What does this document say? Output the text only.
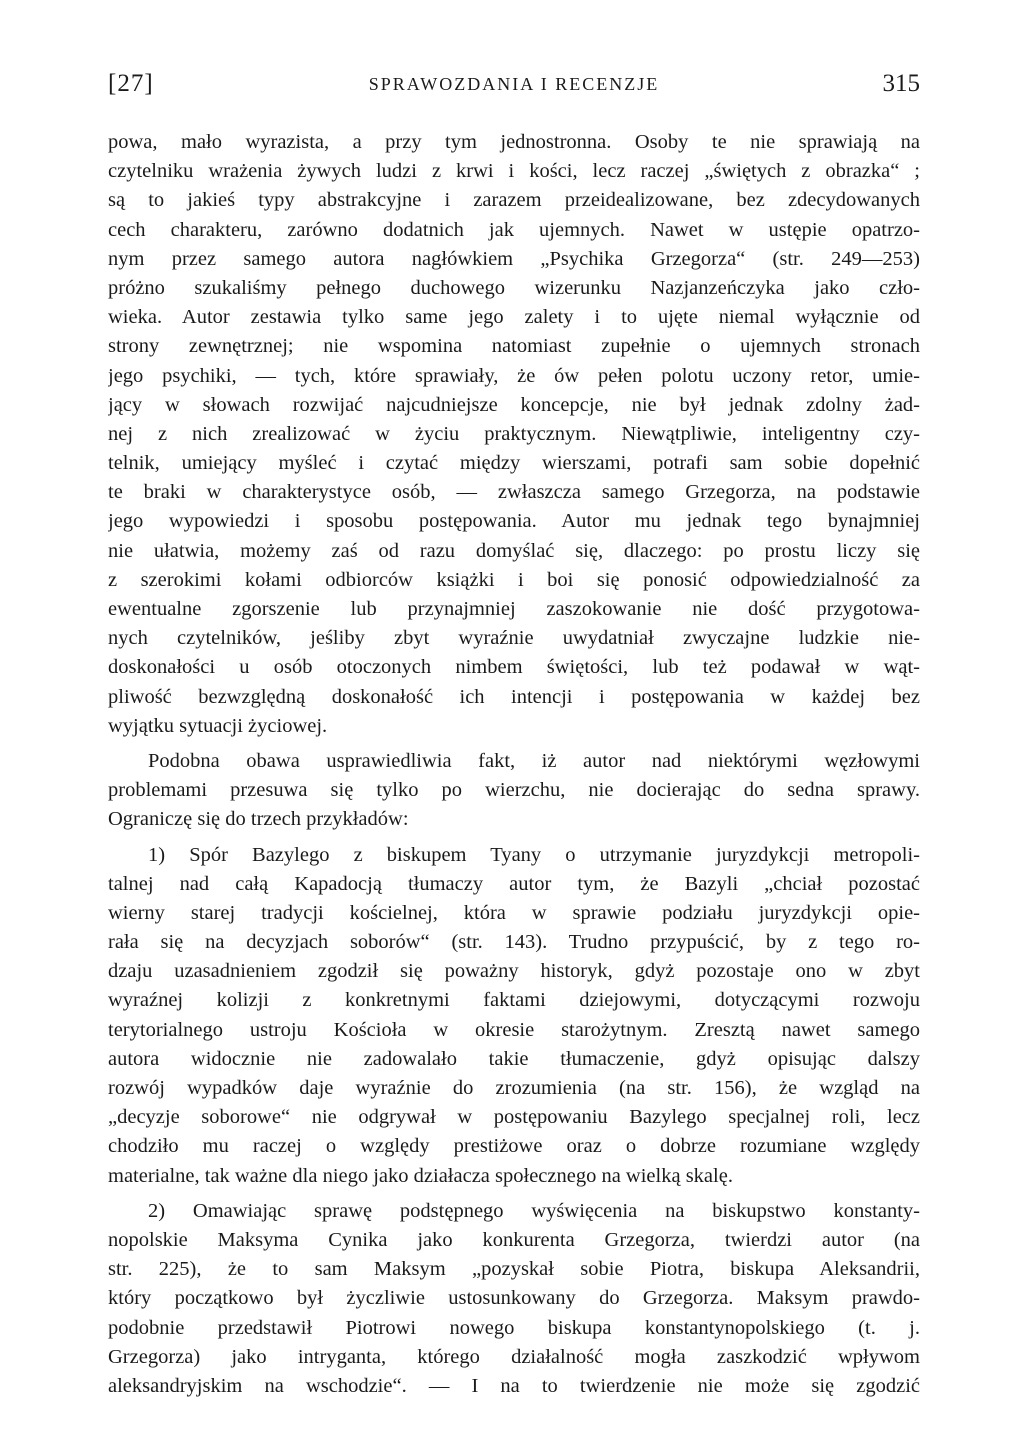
[27]	SPRAWOZDANIA I RECENZJE	315
powa, mało wyrazista, a przy tym jednostronna. Osoby te nie sprawiają na
czytelniku wrażenia żywych ludzi z krwi i kości, lecz raczej „świętych z obrazka“ ;
są to jakieś typy abstrakcyjne i zarazem przeidealizowane, bez zdecydowanych
cech charakteru, zarówno dodatnich jak ujemnych. Nawet w ustępie opatrzo-
nym przez samego autora nagłówkiem „Psychika Grzegorza“ (str. 249—253)
próżno szukaliśmy pełnego duchowego wizerunku Nazjanzeńczyka jako czło-
wieka. Autor zestawia tylko same jego zalety i to ujęte niemal wyłącznie od
strony zewnętrznej; nie wspomina natomiast zupełnie o ujemnych stronach
jego psychiki, — tych, które sprawiały, że ów pełen polotu uczony retor, umie-
jący w słowach rozwijać najcudniejsze koncepcje, nie był jednak zdolny żad-
nej z nich zrealizować w życiu praktycznym. Niewątpliwie, inteligentny czy-
telnik, umiejący myśleć i czytać między wierszami, potrafi sam sobie dopełnić
te braki w charakterystyce osób, — zwłaszcza samego Grzegorza, na podstawie
jego wypowiedzi i sposobu postępowania. Autor mu jednak tego bynajmniej
nie ułatwia, możemy zaś od razu domyślać się, dlaczego: po prostu liczy się
z szerokimi kołami odbiorców książki i boi się ponosić odpowiedzialność za
ewentualne zgorszenie lub przynajmniej zaszokowanie nie dość przygotowa-
nych czytelników, jeśliby zbyt wyraźnie uwydatniał zwyczajne ludzkie nie-
doskonałości u osób otoczonych nimbem świętości, lub też podawał w wąt-
pliwość bezwzględną doskonałość ich intencji i postępowania w każdej bez
wyjątku sytuacji życiowej.
Podobna obawa usprawiedliwia fakt, iż autor nad niektórymi węzłowymi
problemami przesuwa się tylko po wierzchu, nie docierając do sedna sprawy.
Ograniczę się do trzech przykładów:
1) Spór Bazylego z biskupem Tyany o utrzymanie juryzdykcji metropoli-
talnej nad całą Kapadocją tłumaczy autor tym, że Bazyli „chciał pozostać
wierny starej tradycji kościelnej, która w sprawie podziału juryzdykcji opie-
rała się na decyzjach soborów“ (str. 143). Trudno przypuścić, by z tego ro-
dzaju uzasadnieniem zgodził się poważny historyk, gdyż pozostaje ono w zbyt
wyraźnej kolizji z konkretnymi faktami dziejowymi, dotyczącymi rozwoju
terytorialnego ustroju Kościoła w okresie starożytnym. Zresztą nawet samego
autora widocznie nie zadowalało takie tłumaczenie, gdyż opisując dalszy
rozwój wypadków daje wyraźnie do zrozumienia (na str. 156), że wzgląd na
„decyzje soborowe“ nie odgrywał w postępowaniu Bazylego specjalnej roli, lecz
chodziło mu raczej o względy prestiżowe oraz o dobrze rozumiane względy
materialne, tak ważne dla niego jako działacza społecznego na wielką skalę.
2) Omawiając sprawę podstępnego wyświęcenia na biskupstwo konstanty-
nopolskie Maksyma Cynika jako konkurenta Grzegorza, twierdzi autor (na
str. 225), że to sam Maksym „pozyskał sobie Piotra, biskupa Aleksandrii,
który początkowo był życzliwie ustosunkowany do Grzegorza. Maksym prawdo-
podobnie przedstawił Piotrowi nowego biskupa konstantynopolskiego (t. j.
Grzegorza) jako intryganta, którego działalność mogła zaszkodzić wpływom
aleksandryjskim na wschodzie“. — I na to twierdzenie nie może się zgodzić
